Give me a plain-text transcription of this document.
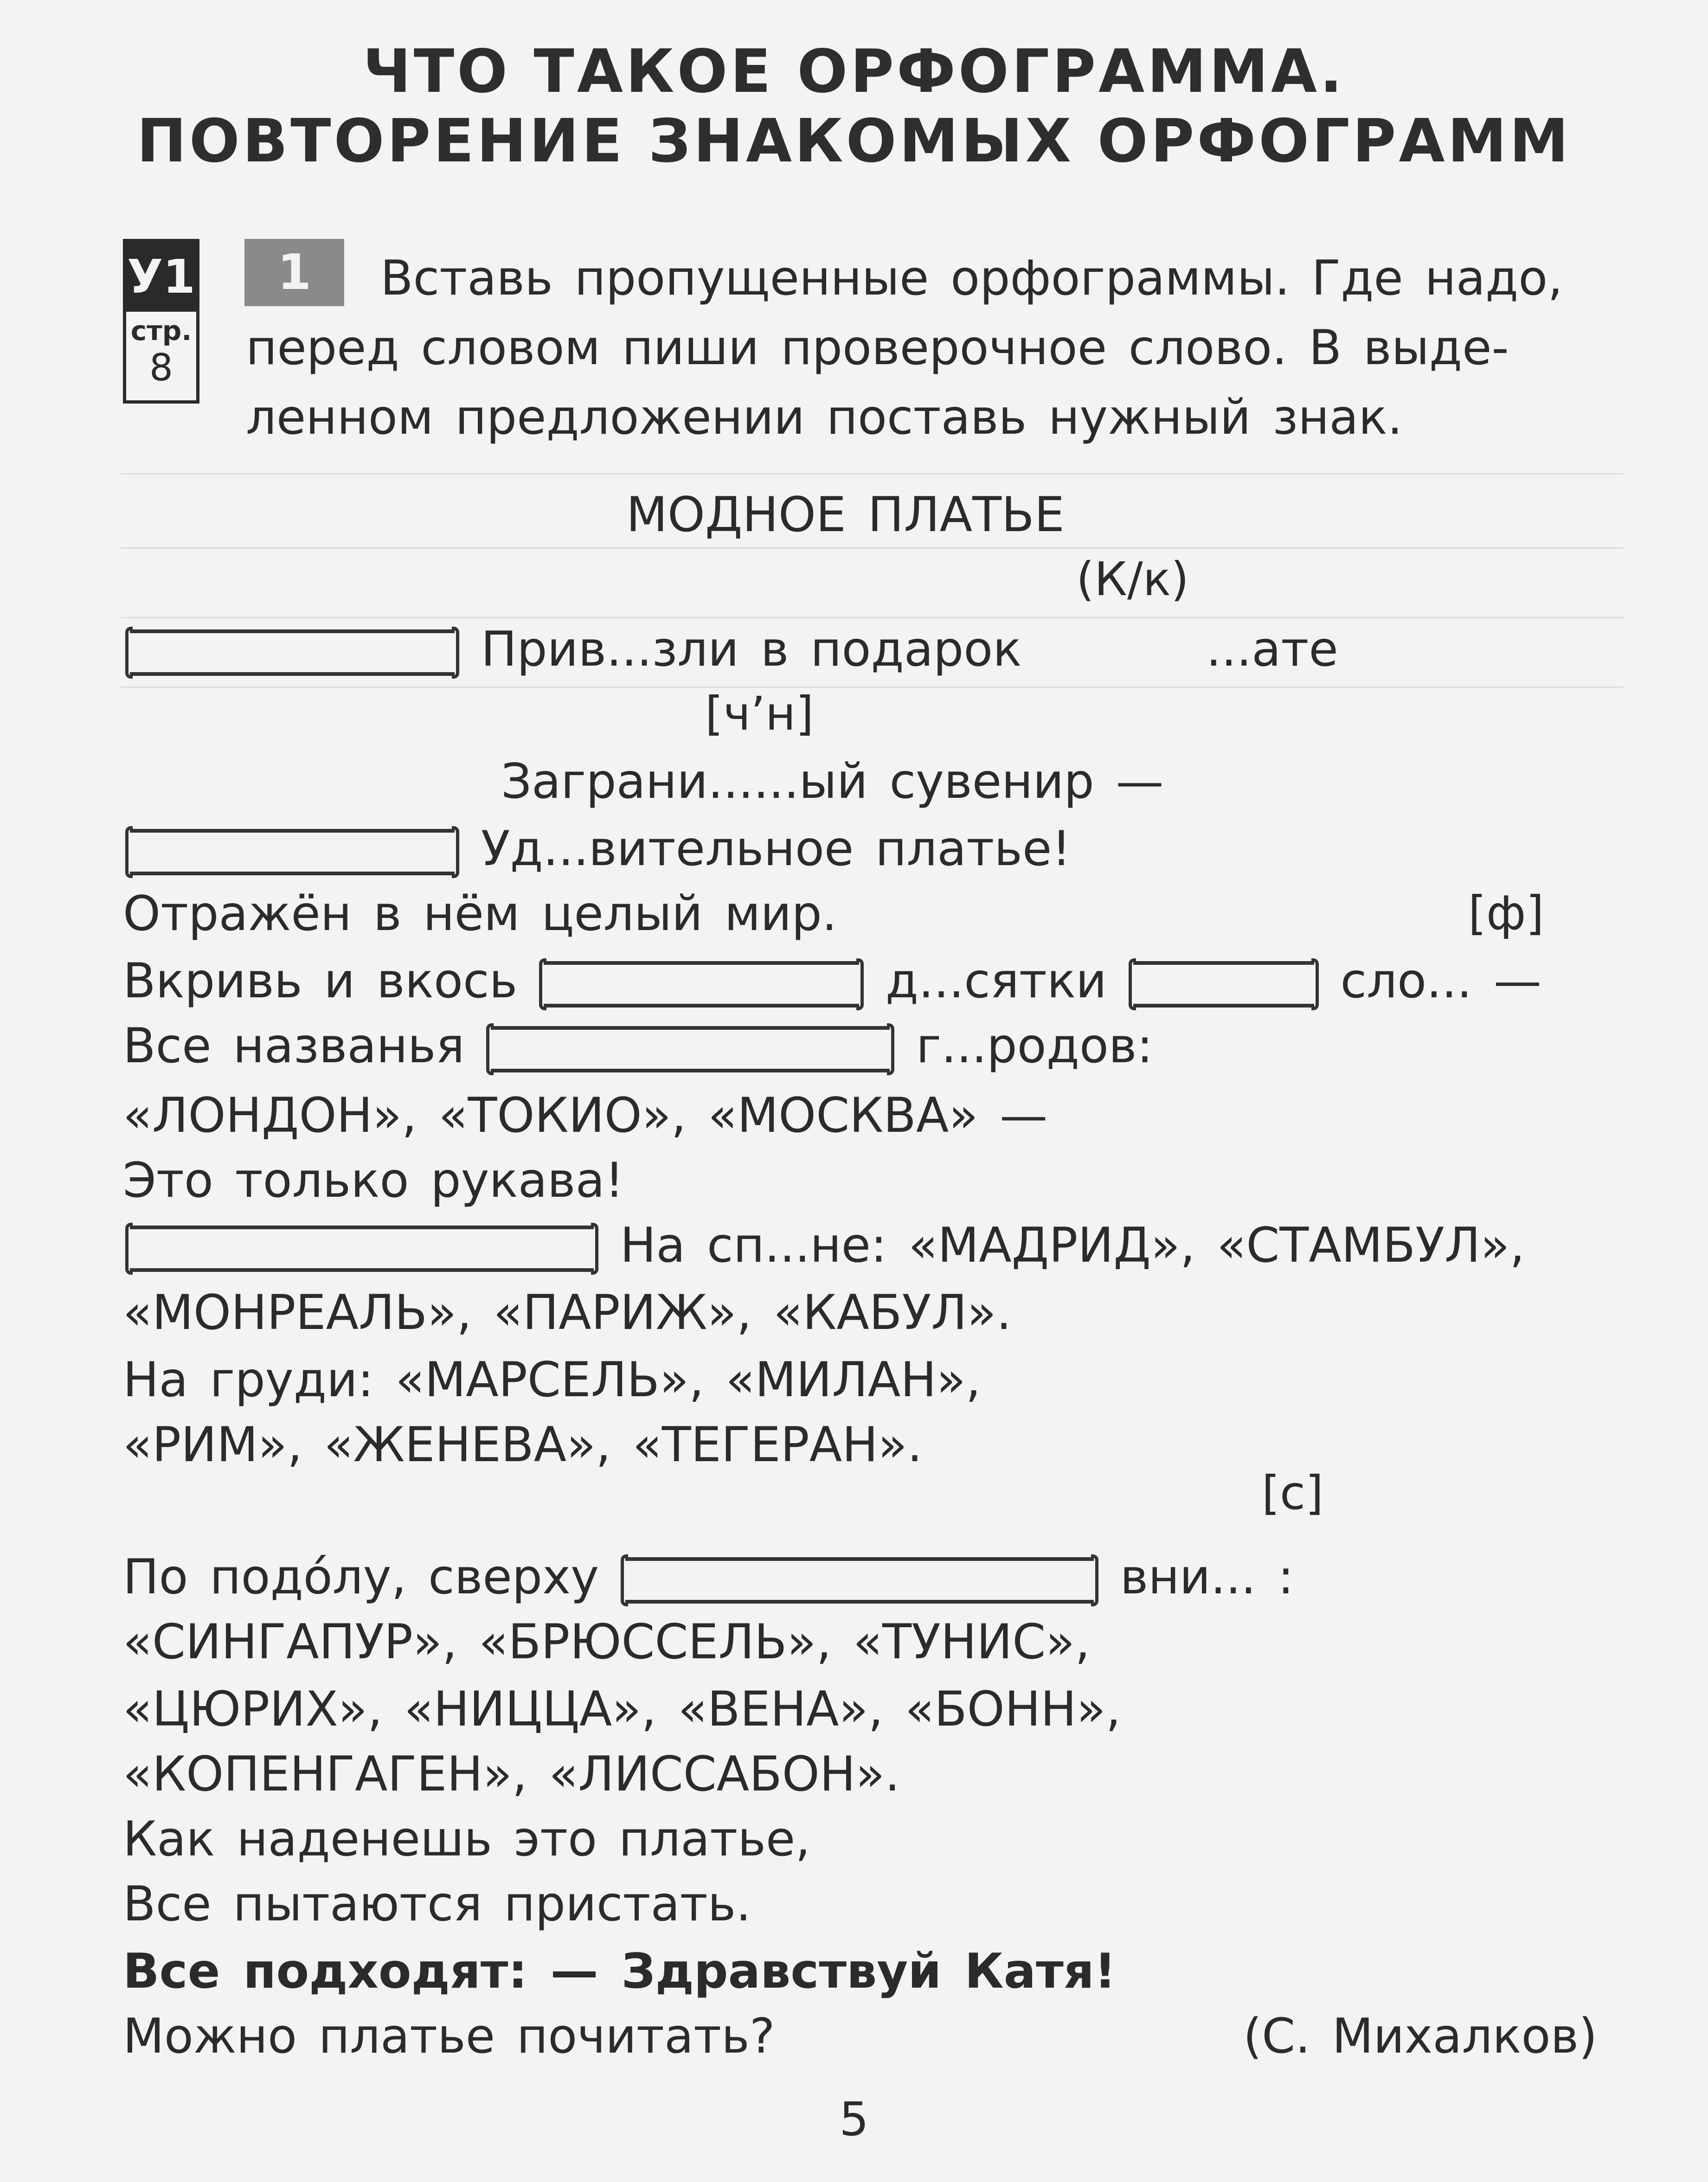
ЧТО ТАКОЕ ОРФОГРАММА.
ПОВТОРЕНИЕ ЗНАКОМЫХ ОРФОГРАММ
У1
стр.
8
1	Вставь пропущенные орфограммы. Где надо,
перед словом пиши проверочное слово. В выде-
ленном предложении поставь нужный знак.
МОДНОЕ ПЛАТЬЕ
(К/к)
Прив...зли в подарок	...ате
[ч’н]
Заграни......ый сувенир —
Уд...вительное платье!
Отражён в нём целый мир.	[ф]
Вкривь и вкось	д...сятки	сло... —
Все названья	г...родов:
«ЛОНДОН», «ТОКИО», «МОСКВА» —
Это только рукава!
На сп...не: «МАДРИД», «СТАМБУЛ»,
«МОНРЕАЛЬ», «ПАРИЖ», «КАБУЛ».
На груди: «МАРСЕЛЬ», «МИЛАН»,
«РИМ», «ЖЕНЕВА», «ТЕГЕРАН».
[с]
По подо́лу, сверху	вни... :
«СИНГАПУР», «БРЮССЕЛЬ», «ТУНИС»,
«ЦЮРИХ», «НИЦЦА», «ВЕНА», «БОНН»,
«КОПЕНГАГЕН», «ЛИССАБОН».
Как наденешь это платье,
Все пытаются пристать.
Все подходят: — Здравствуй Катя!
Можно платье почитать?	(С. Михалков)
5
